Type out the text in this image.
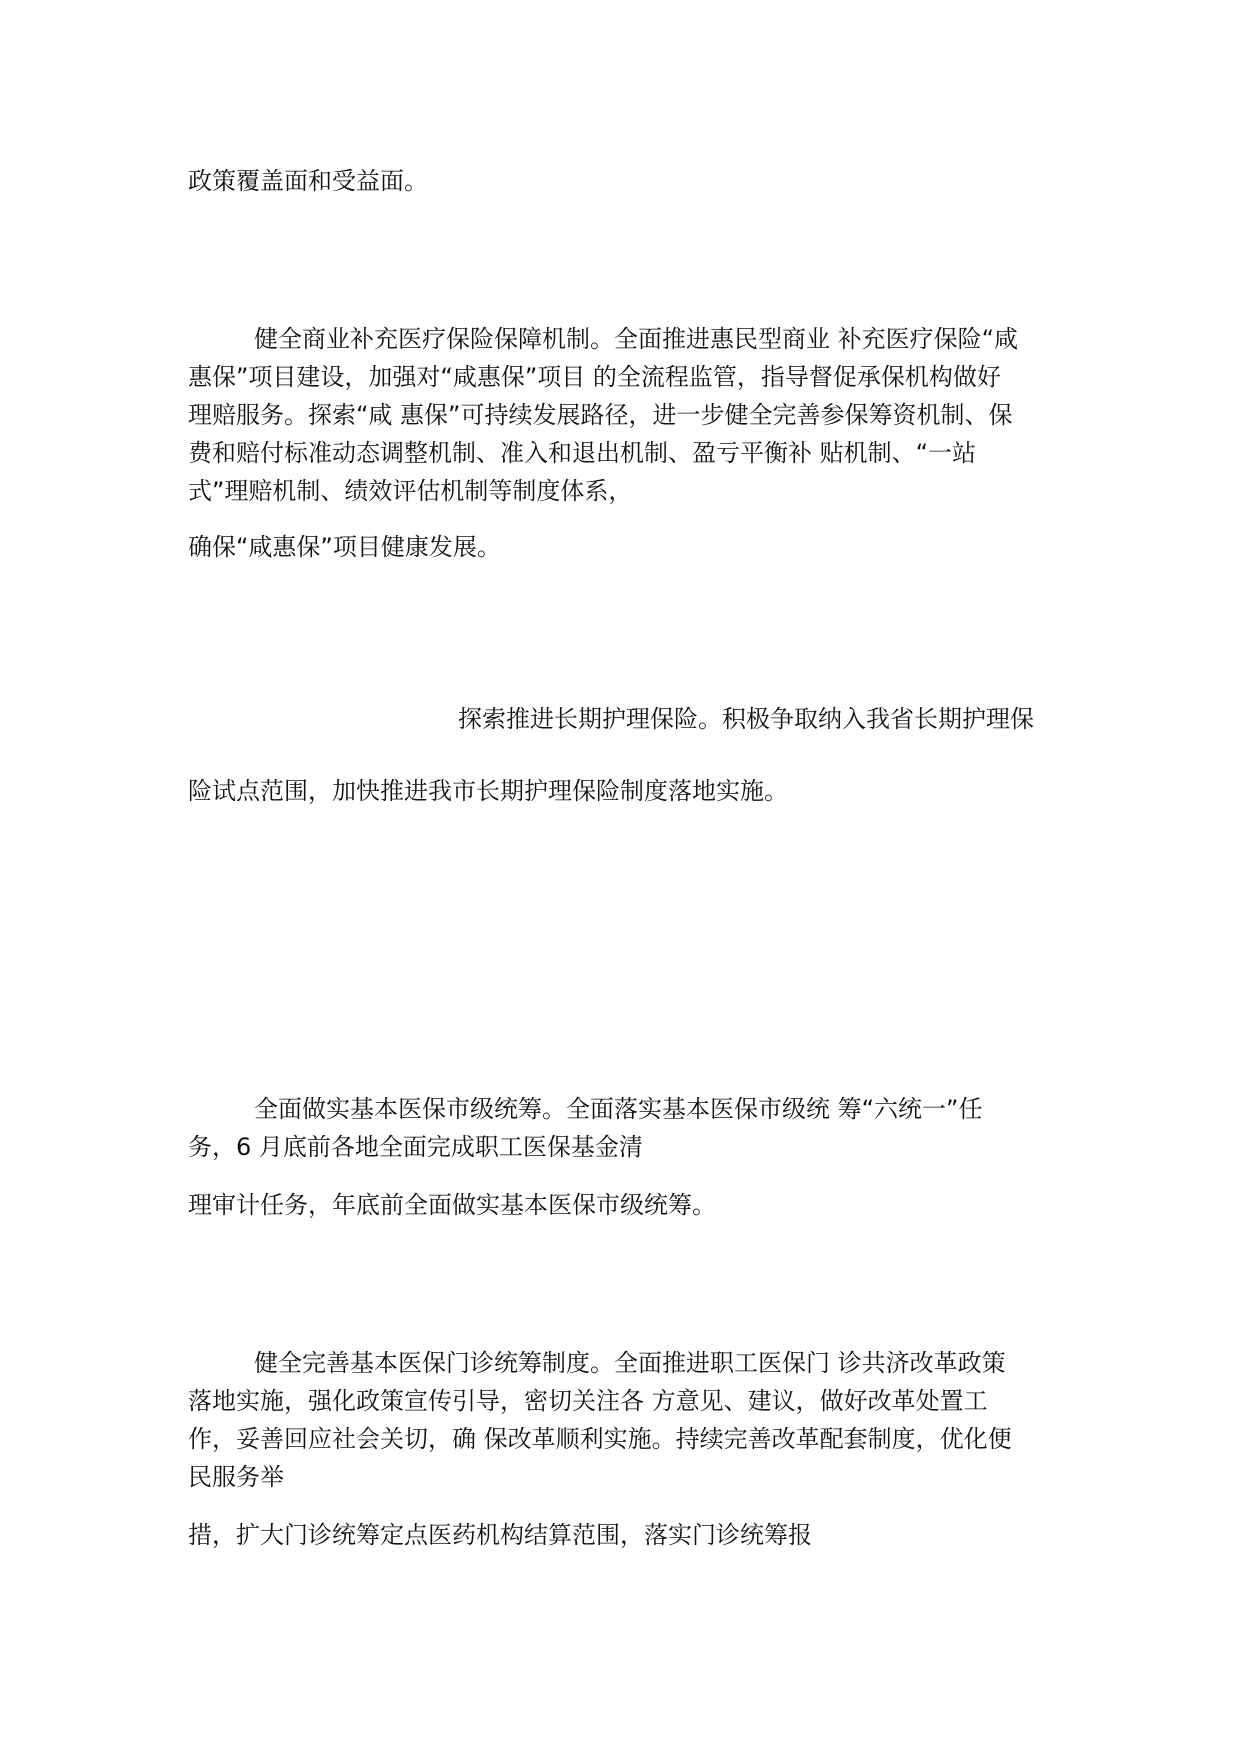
政策覆盖面和受益面。

健全商业补充医疗保险保障机制。全面推进惠民型商业 补充医疗保险“咸

惠保”项目建设，加强对“咸惠保”项目 的全流程监管，指导督促承保机构做好

理赔服务。探索“咸 惠保”可持续发展路径，进一步健全完善参保筹资机制、保

费和赔付标准动态调整机制、准入和退出机制、盈亏平衡补 贴机制、“一站

式”理赔机制、绩效评估机制等制度体系，

确保“咸惠保”项目健康发展。

探索推进长期护理保险。积极争取纳入我省长期护理保

险试点范围，加快推进我市长期护理保险制度落地实施。

全面做实基本医保市级统筹。全面落实基本医保市级统 筹“六统一”任

务，6 月底前各地全面完成职工医保基金清

理审计任务，年底前全面做实基本医保市级统筹。

健全完善基本医保门诊统筹制度。全面推进职工医保门 诊共济改革政策

落地实施，强化政策宣传引导，密切关注各 方意见、建议，做好改革处置工

作，妥善回应社会关切，确 保改革顺利实施。持续完善改革配套制度，优化便

民服务举

措，扩大门诊统筹定点医药机构结算范围，落实门诊统筹报
